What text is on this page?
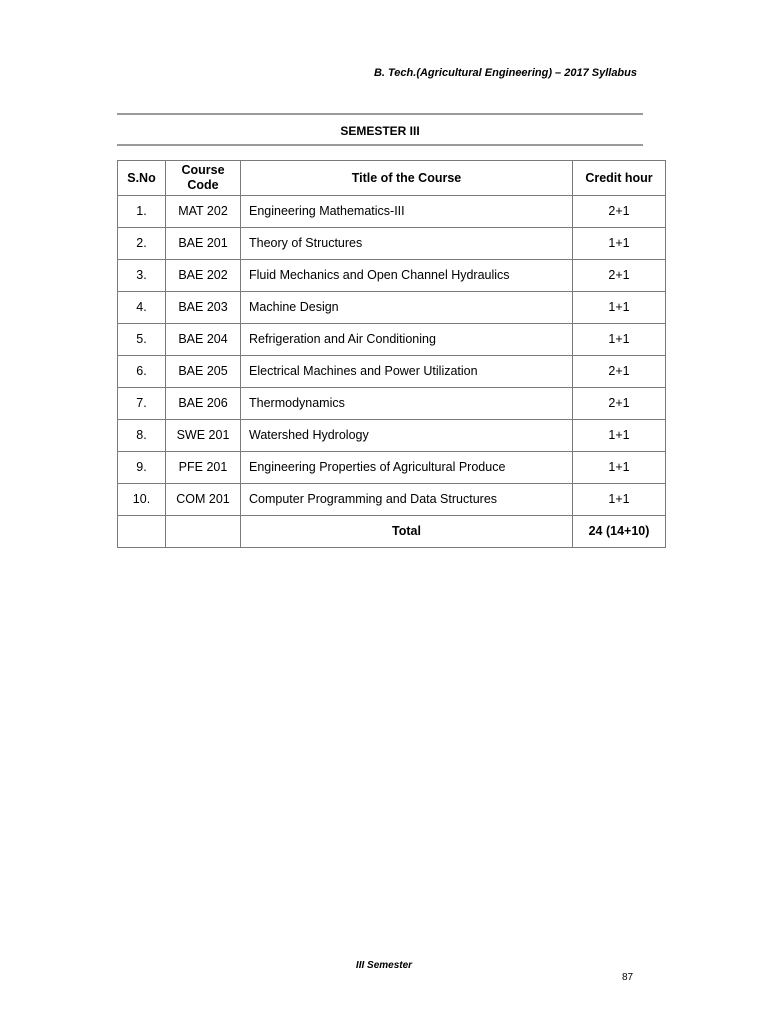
B. Tech.(Agricultural Engineering) – 2017 Syllabus
SEMESTER III
S.No	Course Code	Title of the Course	Credit hour
1.	MAT 202	Engineering Mathematics-III	2+1
2.	BAE 201	Theory of Structures	1+1
3.	BAE 202	Fluid Mechanics and Open Channel Hydraulics	2+1
4.	BAE 203	Machine Design	1+1
5.	BAE 204	Refrigeration and Air Conditioning	1+1
6.	BAE 205	Electrical Machines and Power Utilization	2+1
7.	BAE 206	Thermodynamics	2+1
8.	SWE 201	Watershed Hydrology	1+1
9.	PFE 201	Engineering Properties of Agricultural Produce	1+1
10.	COM 201	Computer Programming and Data Structures	1+1
		Total	24 (14+10)
III Semester
87
